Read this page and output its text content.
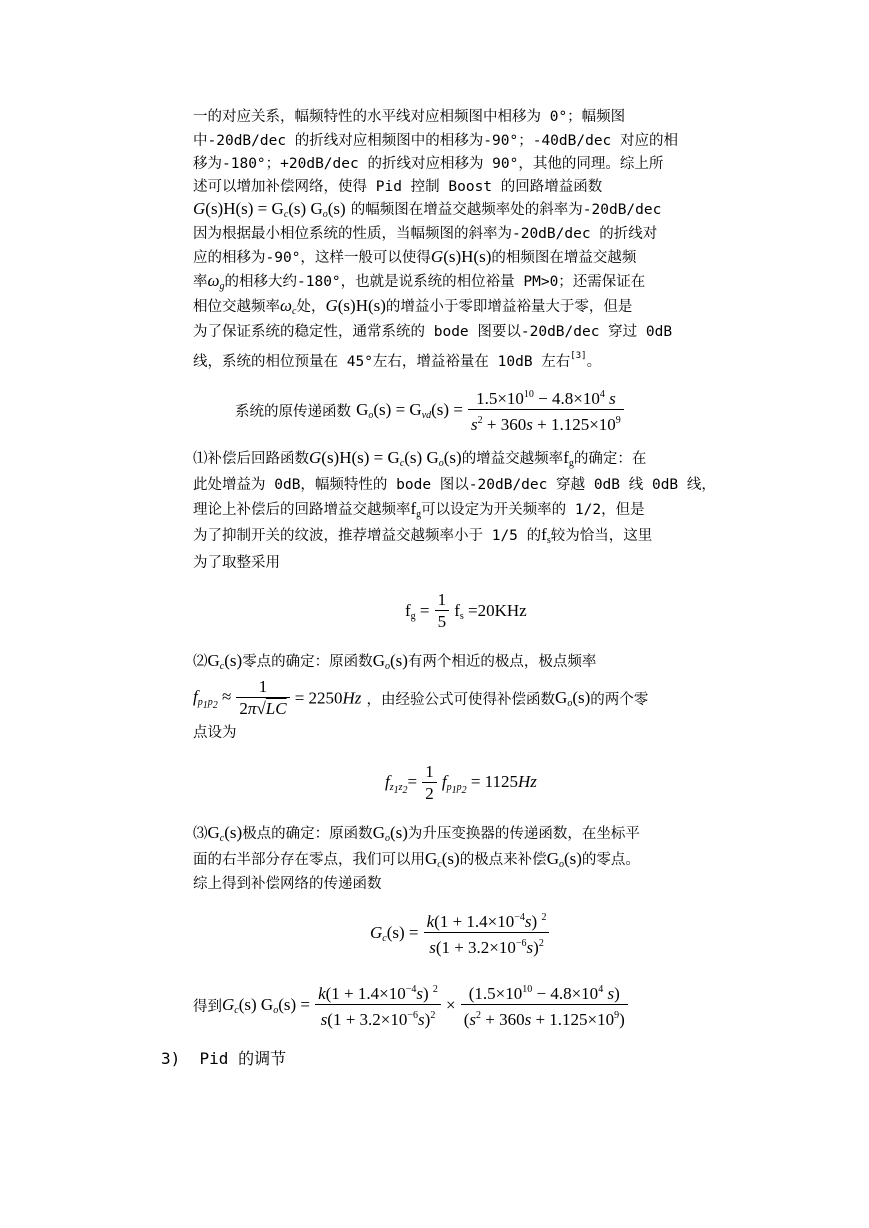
一的对应关系，幅频特性的水平线对应相频图中相移为 0°；幅频图
中-20dB/dec 的折线对应相频图中的相移为-90°；-40dB/dec 对应的相
移为-180°；+20dB/dec 的折线对应相移为 90°，其他的同理。综上所
述可以增加补偿网络，使得 Pid 控制 Boost 的回路增益函数
$G(s)H(s) = G_c(s)$ $G_o(s)$ 的幅频图在增益交越频率处的斜率为-20dB/dec
因为根据最小相位系统的性质，当幅频图的斜率为-20dB/dec 的折线对
应的相移为-90°，这样一般可以使得G(s)H(s)的相频图在增益交越频
率$\omega_g$的相移大约-180°，也就是说系统的相位裕量 PM>0；还需保证在
相位交越频率$\omega_c$处，G(s)H(s)的增益小于零即增益裕量大于零，但是
为了保证系统的稳定性，通常系统的 bode 图要以-20dB/dec 穿过 0dB
线，系统的相位预量在 45°左右，增益裕量在 10dB 左右[3]。
系统的原传递函数 $G_o(s) = G_{vd}(s) = \frac{1.5\times 10^{10} - 4.8\times 10^4 s}{s^2 + 360s + 1.125\times 10^9}$
⑴补偿后回路函数$G(s)H(s) = G_c(s)$ $G_o(s)$的增益交越频率$f_g$的确定：在
此处增益为 0dB，幅频特性的 bode 图以-20dB/dec 穿越 0dB 线 0dB 线，
理论上补偿后的回路增益交越频率$f_g$可以设定为开关频率的 1/2，但是
为了抑制开关的纹波，推荐增益交越频率小于 1/5 的$f_s$较为恰当，这里
为了取整采用
$f_g = \frac{1}{5} f_s =20KHz$
$⑵G_c(s)$零点的确定：原函数$G_o(s)$有两个相近的极点，极点频率
$f_{p_1p_2} \approx \frac{1}{2\pi√LC} = 2250Hz$ ，由经验公式可使得补偿函数$G_o(s)$的两个零
点设为
$f_{z_1z_2}= \frac{1}{2} f_{p_1p_2} = 1125Hz$
$⑶G_c(s)$极点的确定：原函数$G_o(s)$为升压变换器的传递函数，在坐标平
面的右半部分存在零点，我们可以用$G_c(s)$的极点来补偿$G_o(s)$的零点。
综上得到补偿网络的传递函数
$G_c(s) = \frac{k(1 + 1.4\times 10^{-4}s) ^2}{s(1 + 3.2\times 10^{-6}s)^2}$
得到$G_c(s) G_o(s) = \frac{k(1 + 1.4\times 10^{-4}s) ^2}{s(1 + 3.2\times 10^{-6}s)^2} \times \frac{(1.5\times 10^{10} - 4.8\times 10^4 s)}{(s^2 + 360s + 1.125\times 10^9)}$
3) Pid 的调节
